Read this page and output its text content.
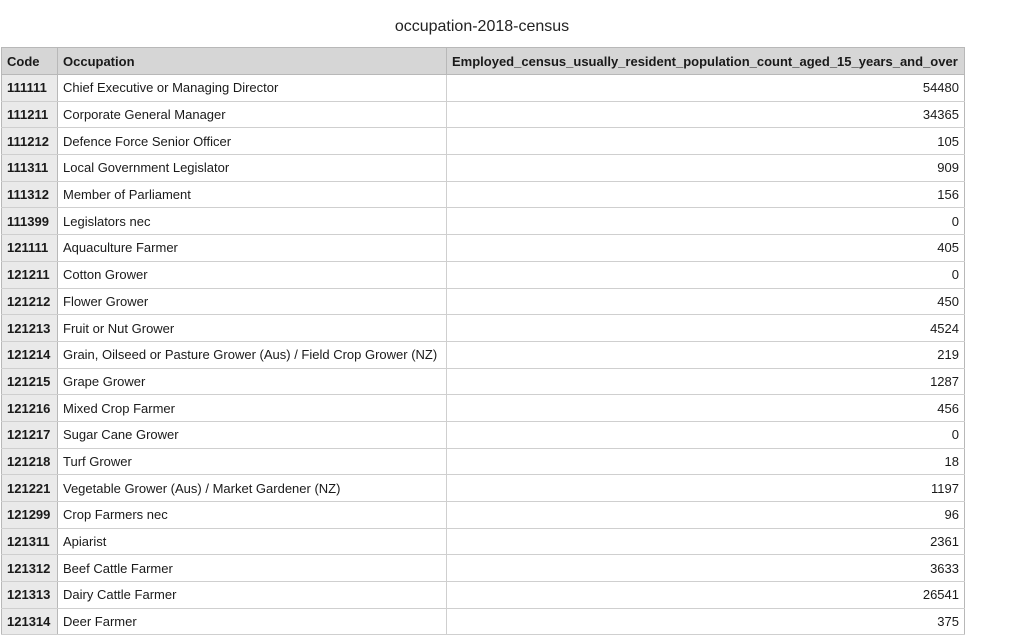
occupation-2018-census
Code	Occupation	Employed_census_usually_resident_population_count_aged_15_years_and_over
111111	Chief Executive or Managing Director	54480
111211	Corporate General Manager	34365
111212	Defence Force Senior Officer	105
111311	Local Government Legislator	909
111312	Member of Parliament	156
111399	Legislators nec	0
121111	Aquaculture Farmer	405
121211	Cotton Grower	0
121212	Flower Grower	450
121213	Fruit or Nut Grower	4524
121214	Grain, Oilseed or Pasture Grower (Aus) / Field Crop Grower (NZ)	219
121215	Grape Grower	1287
121216	Mixed Crop Farmer	456
121217	Sugar Cane Grower	0
121218	Turf Grower	18
121221	Vegetable Grower (Aus) / Market Gardener (NZ)	1197
121299	Crop Farmers nec	96
121311	Apiarist	2361
121312	Beef Cattle Farmer	3633
121313	Dairy Cattle Farmer	26541
121314	Deer Farmer	375
